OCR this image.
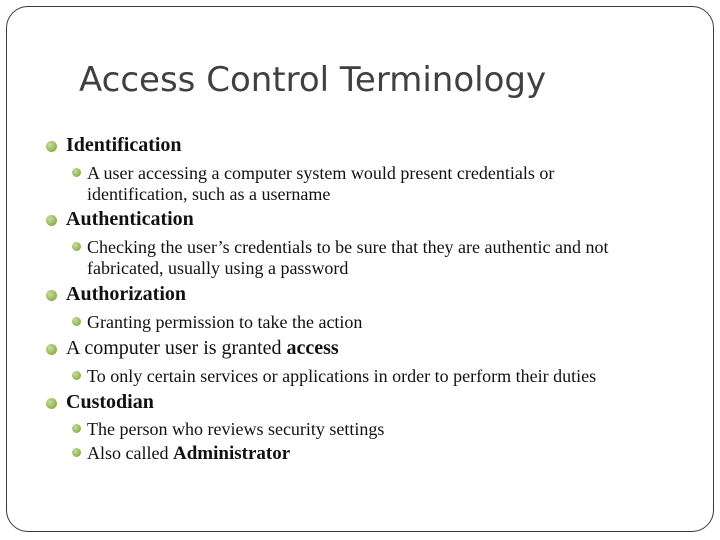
Access Control Terminology
Identification
A user accessing a computer system would present credentials or
identification, such as a username
Authentication
Checking the user’s credentials to be sure that they are authentic and not
fabricated, usually using a password
Authorization
Granting permission to take the action
A computer user is granted access
To only certain services or applications in order to perform their duties
Custodian
The person who reviews security settings
Also called Administrator
